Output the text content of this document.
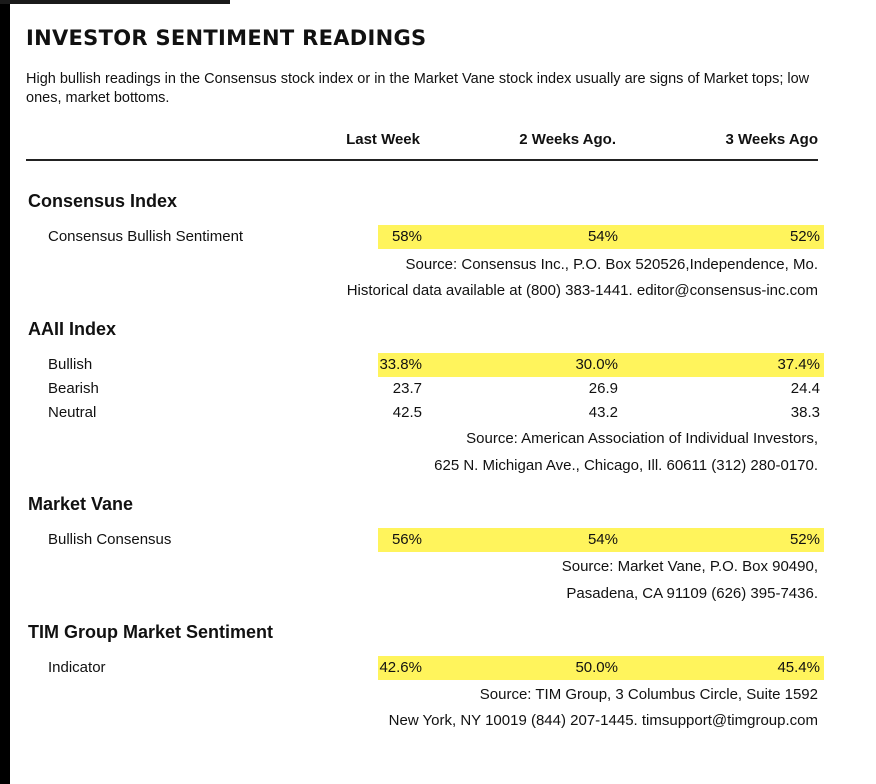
INVESTOR SENTIMENT READINGS

High bullish readings in the Consensus stock index or in the Market Vane stock index usually are signs of Market tops; low ones, market bottoms.

Last Week	2 Weeks Ago.	3 Weeks Ago
Consensus Index
Consensus Bullish Sentiment	58%	54%	52%
Source: Consensus Inc., P.O. Box 520526,Independence, Mo.
Historical data available at (800) 383-1441. editor@consensus-inc.com
AAII Index
Bullish	33.8%	30.0%	37.4%
Bearish	23.7	26.9	24.4
Neutral	42.5	43.2	38.3
Source: American Association of Individual Investors,
625 N. Michigan Ave., Chicago, Ill. 60611 (312) 280-0170.
Market Vane
Bullish Consensus	56%	54%	52%
Source: Market Vane, P.O. Box 90490,
Pasadena, CA 91109 (626) 395-7436.
TIM Group Market Sentiment
Indicator	42.6%	50.0%	45.4%
Source: TIM Group, 3 Columbus Circle, Suite 1592
New York, NY 10019 (844) 207-1445. timsupport@timgroup.com
